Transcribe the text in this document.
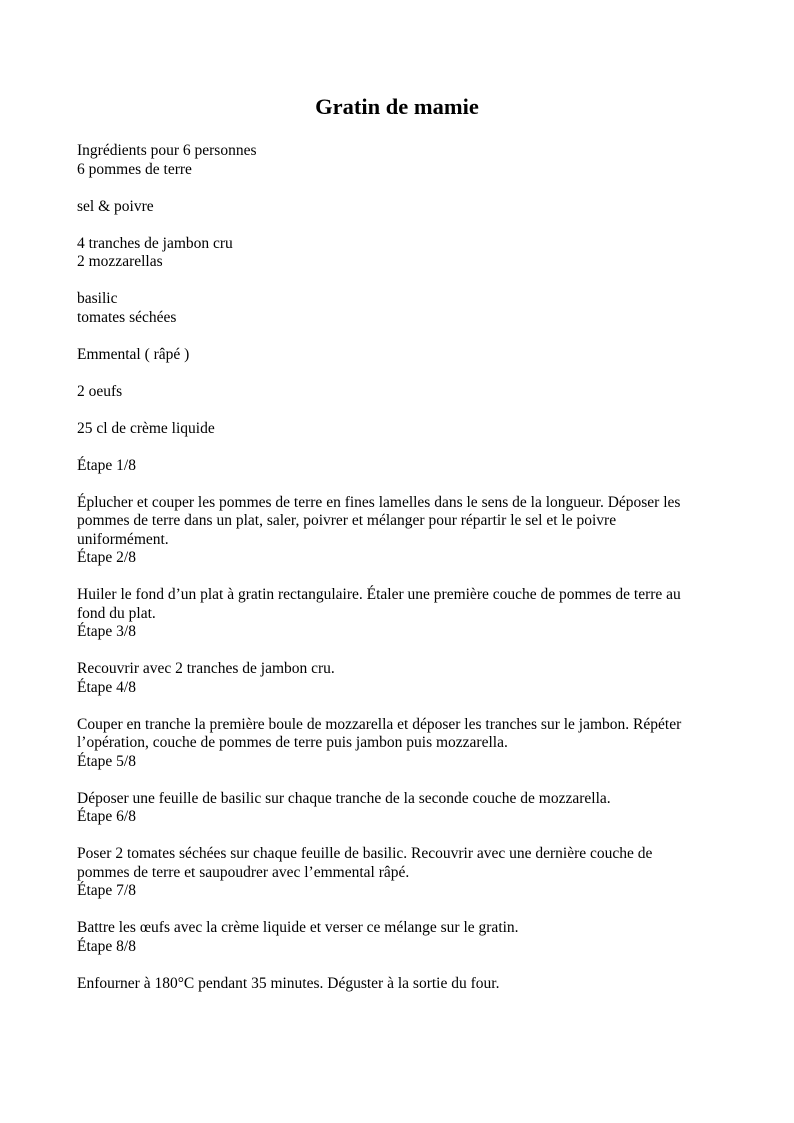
Gratin de mamie
Ingrédients pour 6 personnes
6 pommes de terre
sel & poivre
4 tranches de jambon cru
2 mozzarellas
basilic
tomates séchées
Emmental ( râpé )
2 oeufs
25 cl de crème liquide
Étape 1/8
Éplucher et couper les pommes de terre en fines lamelles dans le sens de la longueur. Déposer les pommes de terre dans un plat, saler, poivrer et mélanger pour répartir le sel et le poivre uniformément.
Étape 2/8
Huiler le fond d’un plat à gratin rectangulaire. Étaler une première couche de pommes de terre au fond du plat.
Étape 3/8
Recouvrir avec 2 tranches de jambon cru.
Étape 4/8
Couper en tranche la première boule de mozzarella et déposer les tranches sur le jambon. Répéter l’opération, couche de pommes de terre puis jambon puis mozzarella.
Étape 5/8
Déposer une feuille de basilic sur chaque tranche de la seconde couche de mozzarella.
Étape 6/8
Poser 2 tomates séchées sur chaque feuille de basilic. Recouvrir avec une dernière couche de pommes de terre et saupoudrer avec l’emmental râpé.
Étape 7/8
Battre les œufs avec la crème liquide et verser ce mélange sur le gratin.
Étape 8/8
Enfourner à 180°C pendant 35 minutes. Déguster à la sortie du four.
